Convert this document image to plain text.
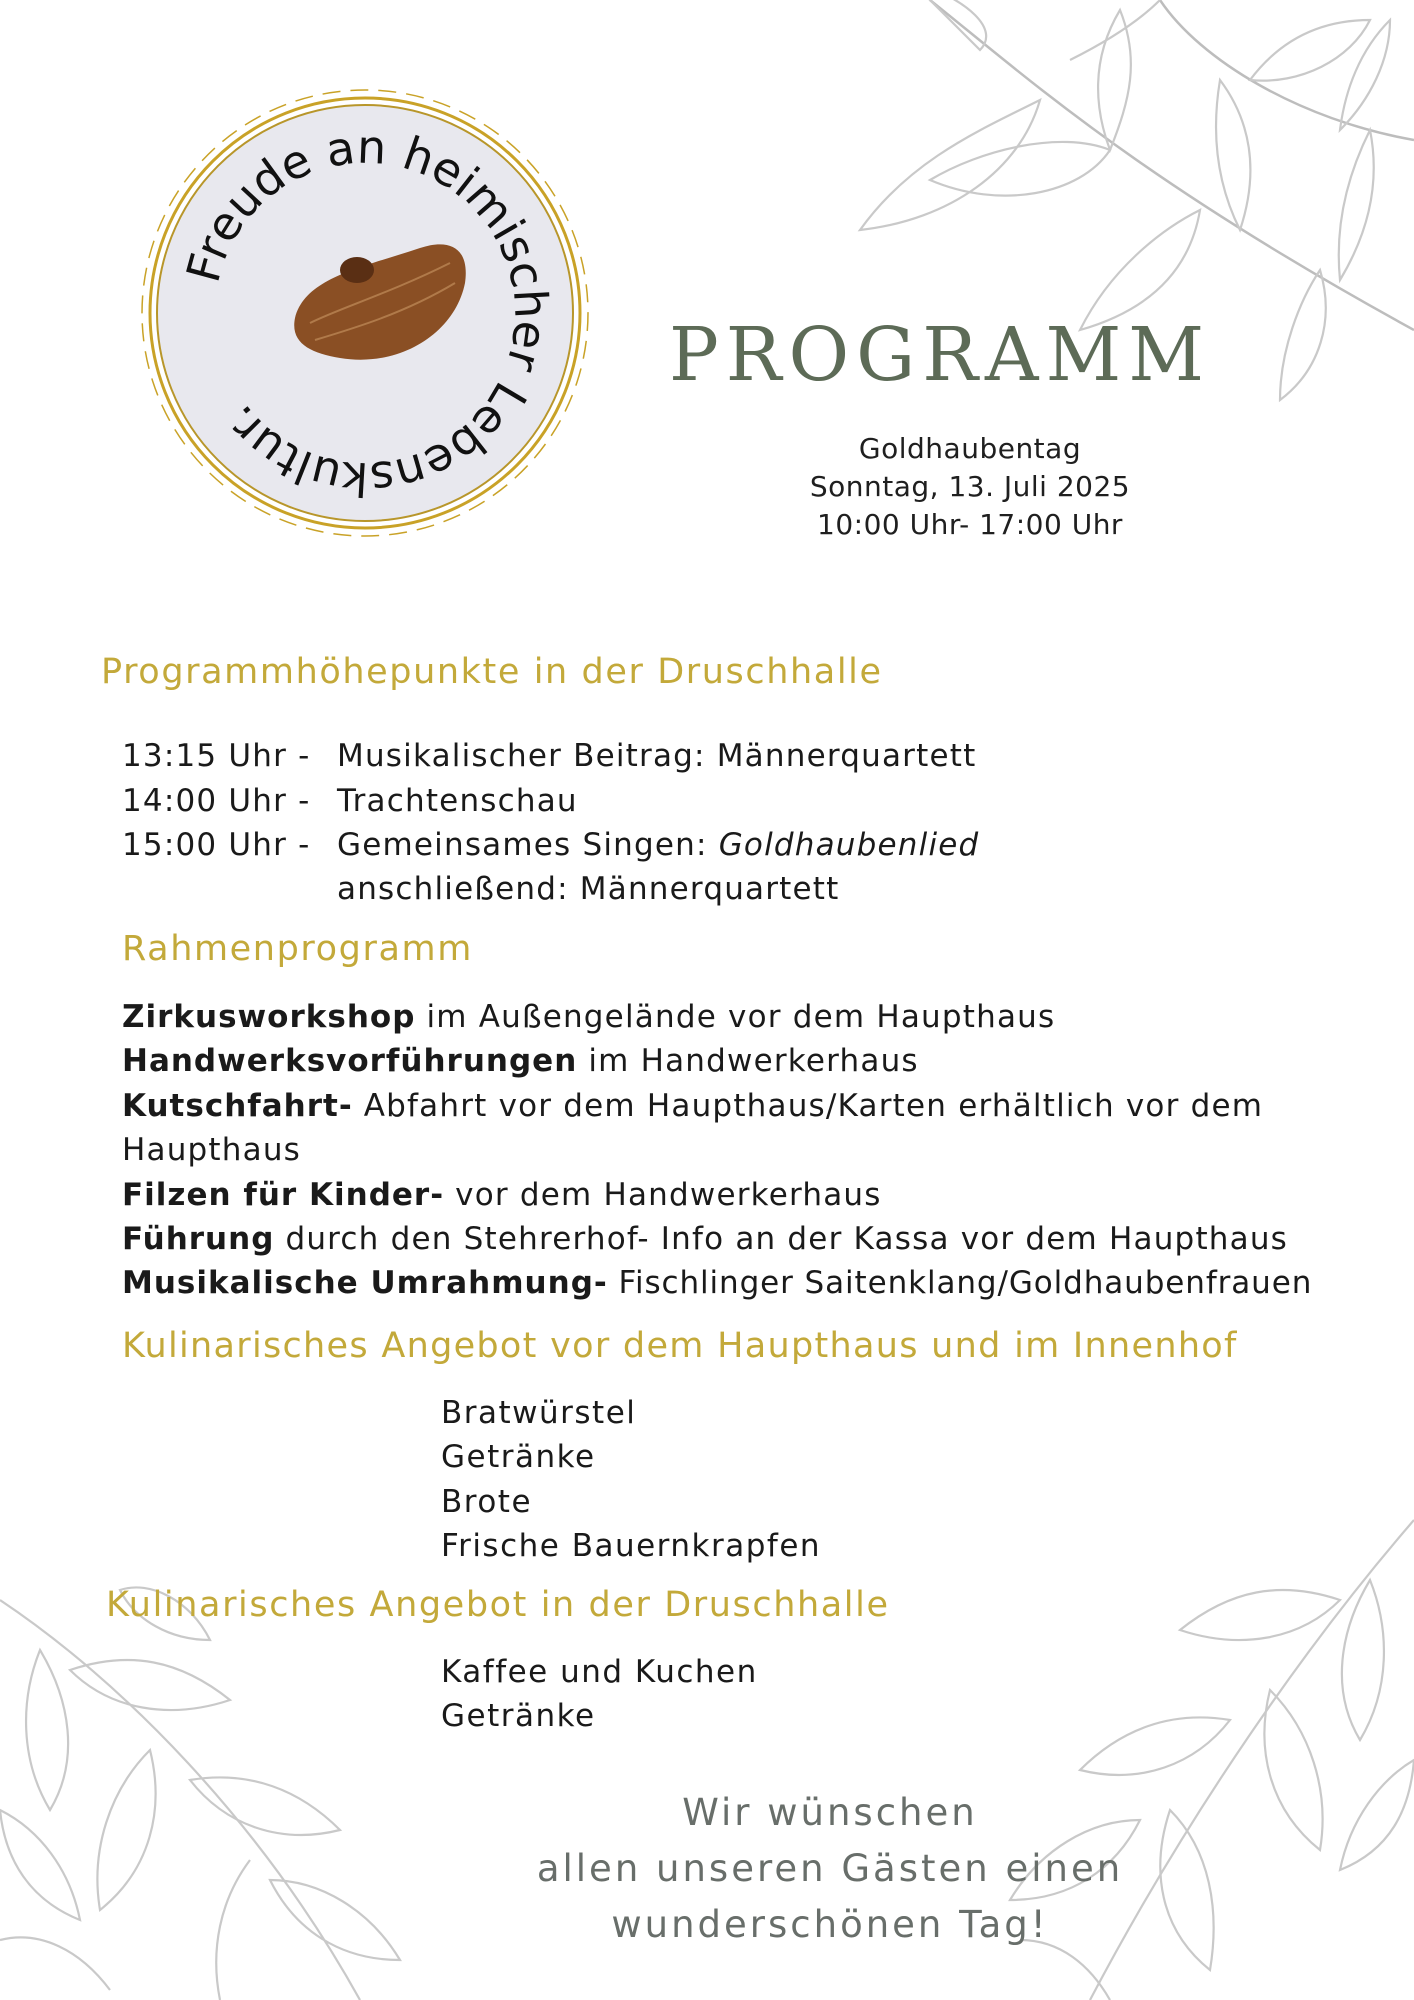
Freude an heimischer Lebenskultur.
PROGRAMM
Goldhaubentag
Sonntag, 13. Juli 2025
10:00 Uhr- 17:00 Uhr
Programmhöhepunkte in der Druschhalle
13:15 Uhr - Musikalischer Beitrag: Männerquartett
14:00 Uhr - Trachtenschau
15:00 Uhr - Gemeinsames Singen: Goldhaubenlied
anschließend: Männerquartett
Rahmenprogramm
Zirkusworkshop im Außengelände vor dem Haupthaus
Handwerksvorführungen im Handwerkerhaus
Kutschfahrt- Abfahrt vor dem Haupthaus/Karten erhältlich vor dem
Haupthaus
Filzen für Kinder- vor dem Handwerkerhaus
Führung durch den Stehrerhof- Info an der Kassa vor dem Haupthaus
Musikalische Umrahmung- Fischlinger Saitenklang/Goldhaubenfrauen
Kulinarisches Angebot vor dem Haupthaus und im Innenhof
Bratwürstel
Getränke
Brote
Frische Bauernkrapfen
Kulinarisches Angebot in der Druschhalle
Kaffee und Kuchen
Getränke
Wir wünschen
allen unseren Gästen einen
wunderschönen Tag!
